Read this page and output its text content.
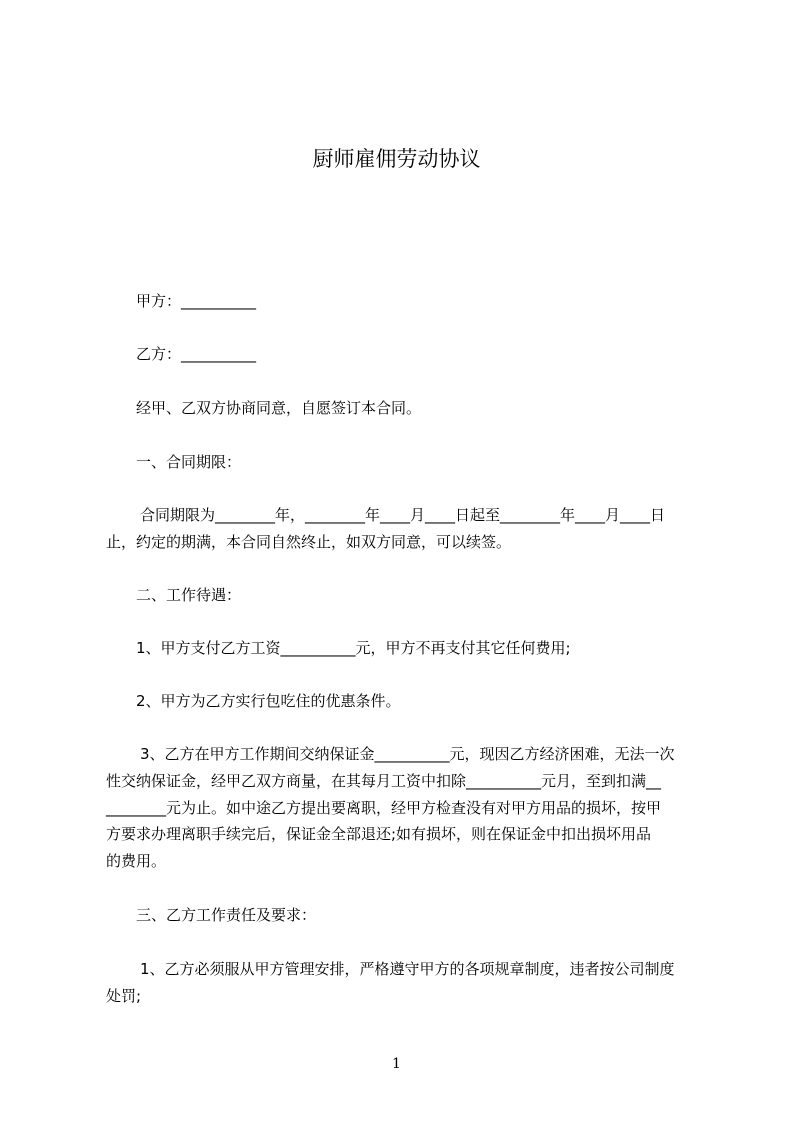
厨师雇佣劳动协议
甲方：__________
乙方：__________
经甲、乙双方协商同意，自愿签订本合同。
一、合同期限：
合同期限为________年，________年____月____日起至________年____月____日
止，约定的期满，本合同自然终止，如双方同意，可以续签。
二、工作待遇：
1、甲方支付乙方工资__________元，甲方不再支付其它任何费用;
2、甲方为乙方实行包吃住的优惠条件。
3、乙方在甲方工作期间交纳保证金__________元，现因乙方经济困难，无法一次
性交纳保证金，经甲乙双方商量，在其每月工资中扣除__________元月，至到扣满__
________元为止。如中途乙方提出要离职，经甲方检查没有对甲方用品的损坏，按甲
方要求办理离职手续完后，保证金全部退还;如有损坏，则在保证金中扣出损坏用品
的费用。
三、乙方工作责任及要求：
1、乙方必须服从甲方管理安排，严格遵守甲方的各项规章制度，违者按公司制度
处罚;
1
